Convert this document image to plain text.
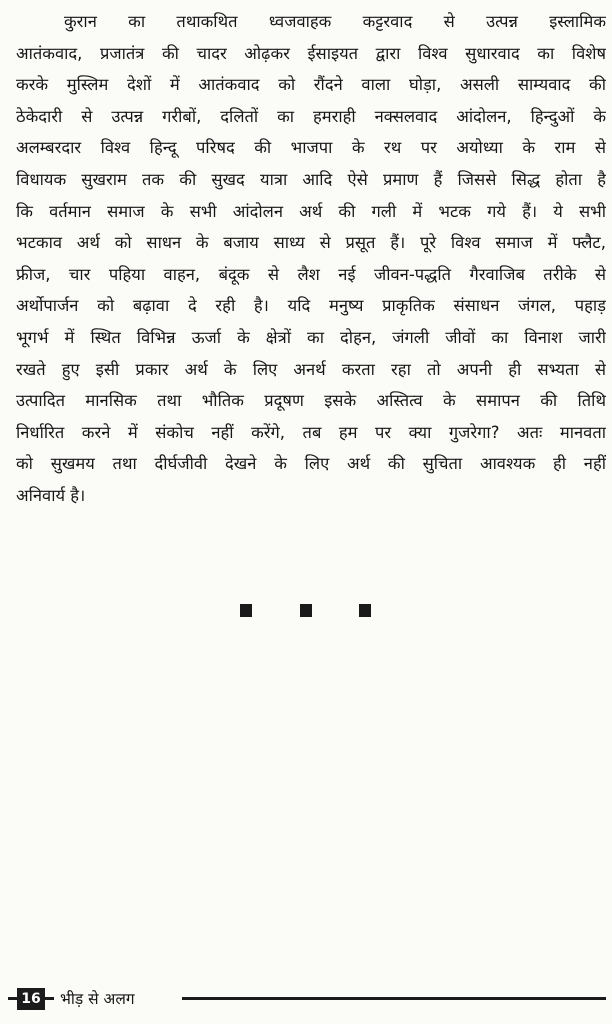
कुरान का तथाकथित ध्वजवाहक कट्टरवाद से उत्पन्न इस्लामिक
आतंकवाद, प्रजातंत्र की चादर ओढ़कर ईसाइयत द्वारा विश्व सुधारवाद का विशेष
करके मुस्लिम देशों में आतंकवाद को रौंदने वाला घोड़ा, असली साम्यवाद की
ठेकेदारी से उत्पन्न गरीबों, दलितों का हमराही नक्सलवाद आंदोलन, हिन्दुओं के
अलम्बरदार विश्व हिन्दू परिषद की भाजपा के रथ पर अयोध्या के राम से
विधायक सुखराम तक की सुखद यात्रा आदि ऐसे प्रमाण हैं जिससे सिद्ध होता है
कि वर्तमान समाज के सभी आंदोलन अर्थ की गली में भटक गये हैं। ये सभी
भटकाव अर्थ को साधन के बजाय साध्य से प्रसूत हैं। पूरे विश्व समाज में फ्लैट,
फ्रीज, चार पहिया वाहन, बंदूक से लैश नई जीवन-पद्धति गैरवाजिब तरीके से
अर्थोपार्जन को बढ़ावा दे रही है। यदि मनुष्य प्राकृतिक संसाधन जंगल, पहाड़
भूगर्भ में स्थित विभिन्न ऊर्जा के क्षेत्रों का दोहन, जंगली जीवों का विनाश जारी
रखते हुए इसी प्रकार अर्थ के लिए अनर्थ करता रहा तो अपनी ही सभ्यता से
उत्पादित मानसिक तथा भौतिक प्रदूषण इसके अस्तित्व के समापन की तिथि
निर्धारित करने में संकोच नहीं करेंगे, तब हम पर क्या गुजरेगा? अतः मानवता
को सुखमय तथा दीर्घजीवी देखने के लिए अर्थ की सुचिता आवश्यक ही नहीं
अनिवार्य है।
16 भीड़ से अलग
